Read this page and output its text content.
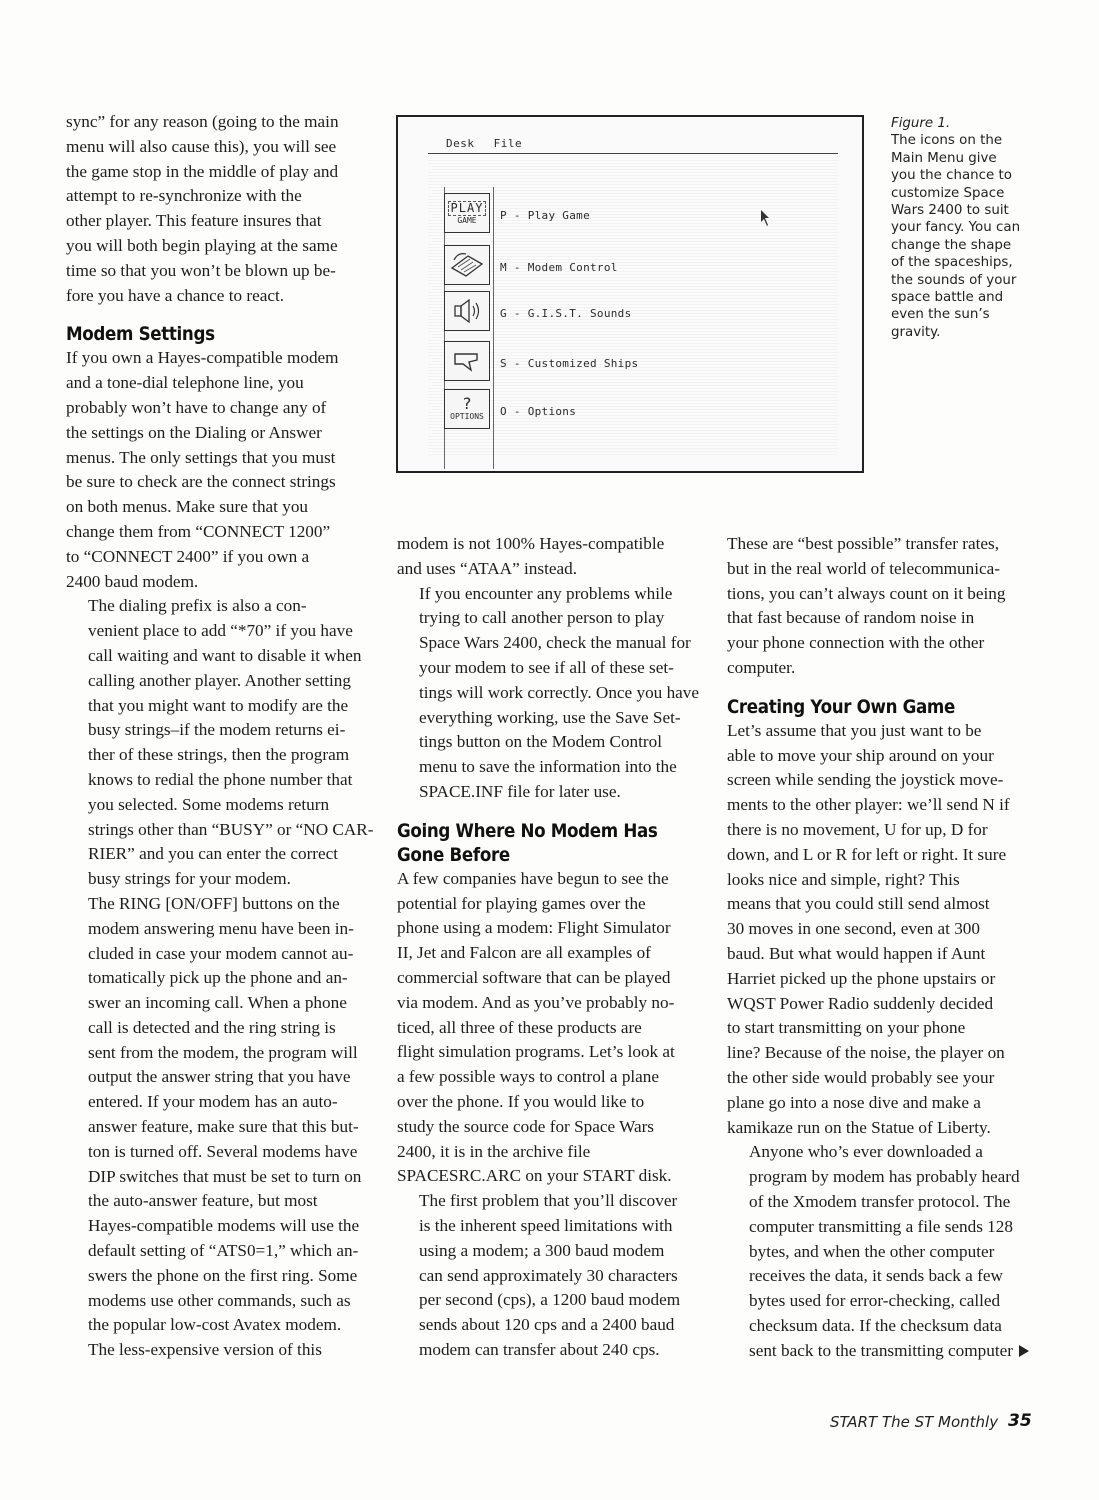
sync” for any reason (going to the main
menu will also cause this), you will see
the game stop in the middle of play and
attempt to re-synchronize with the
other player. This feature insures that
you will both begin playing at the same
time so that you won’t be blown up be-
fore you have a chance to react.

Modem Settings

If you own a Hayes-compatible modem
and a tone-dial telephone line, you
probably won’t have to change any of
the settings on the Dialing or Answer
menus. The only settings that you must
be sure to check are the connect strings
on both menus. Make sure that you
change them from “CONNECT 1200”
to “CONNECT 2400” if you own a
2400 baud modem.

The dialing prefix is also a con-
venient place to add “*70” if you have
call waiting and want to disable it when
calling another player. Another setting
that you might want to modify are the
busy strings–if the modem returns ei-
ther of these strings, then the program
knows to redial the phone number that
you selected. Some modems return
strings other than “BUSY” or “NO CAR-
RIER” and you can enter the correct
busy strings for your modem.

The RING [ON/OFF] buttons on the
modem answering menu have been in-
cluded in case your modem cannot au-
tomatically pick up the phone and an-
swer an incoming call. When a phone
call is detected and the ring string is
sent from the modem, the program will
output the answer string that you have
entered. If your modem has an auto-
answer feature, make sure that this but-
ton is turned off. Several modems have
DIP switches that must be set to turn on
the auto-answer feature, but most
Hayes-compatible modems will use the
default setting of “ATS0=1,” which an-
swers the phone on the first ring. Some
modems use other commands, such as
the popular low-cost Avatex modem.
The less-expensive version of this

Desk File
PLAY
GAME P - Play Game
M - Modem Control
G - G.I.S.T. Sounds
S - Customized Ships
?
OPTIONS O - Options
Figure 1.
The icons on the
Main Menu give
you the chance to
customize Space
Wars 2400 to suit
your fancy. You can
change the shape
of the spaceships,
the sounds of your
space battle and
even the sun’s
gravity.

modem is not 100% Hayes-compatible
and uses “ATAA” instead.

If you encounter any problems while
trying to call another person to play
Space Wars 2400, check the manual for
your modem to see if all of these set-
tings will work correctly. Once you have
everything working, use the Save Set-
tings button on the Modem Control
menu to save the information into the
SPACE.INF file for later use.

Going Where No Modem Has
Gone Before

A few companies have begun to see the
potential for playing games over the
phone using a modem: Flight Simulator
II, Jet and Falcon are all examples of
commercial software that can be played
via modem. And as you’ve probably no-
ticed, all three of these products are
flight simulation programs. Let’s look at
a few possible ways to control a plane
over the phone. If you would like to
study the source code for Space Wars
2400, it is in the archive file
SPACESRC.ARC on your START disk.

The first problem that you’ll discover
is the inherent speed limitations with
using a modem; a 300 baud modem
can send approximately 30 characters
per second (cps), a 1200 baud modem
sends about 120 cps and a 2400 baud
modem can transfer about 240 cps.

These are “best possible” transfer rates,
but in the real world of telecommunica-
tions, you can’t always count on it being
that fast because of random noise in
your phone connection with the other
computer.

Creating Your Own Game

Let’s assume that you just want to be
able to move your ship around on your
screen while sending the joystick move-
ments to the other player: we’ll send N if
there is no movement, U for up, D for
down, and L or R for left or right. It sure
looks nice and simple, right? This
means that you could still send almost
30 moves in one second, even at 300
baud. But what would happen if Aunt
Harriet picked up the phone upstairs or
WQST Power Radio suddenly decided
to start transmitting on your phone
line? Because of the noise, the player on
the other side would probably see your
plane go into a nose dive and make a
kamikaze run on the Statue of Liberty.

Anyone who’s ever downloaded a
program by modem has probably heard
of the Xmodem transfer protocol. The
computer transmitting a file sends 128
bytes, and when the other computer
receives the data, it sends back a few
bytes used for error-checking, called
checksum data. If the checksum data
sent back to the transmitting computer

START The ST Monthly 35
